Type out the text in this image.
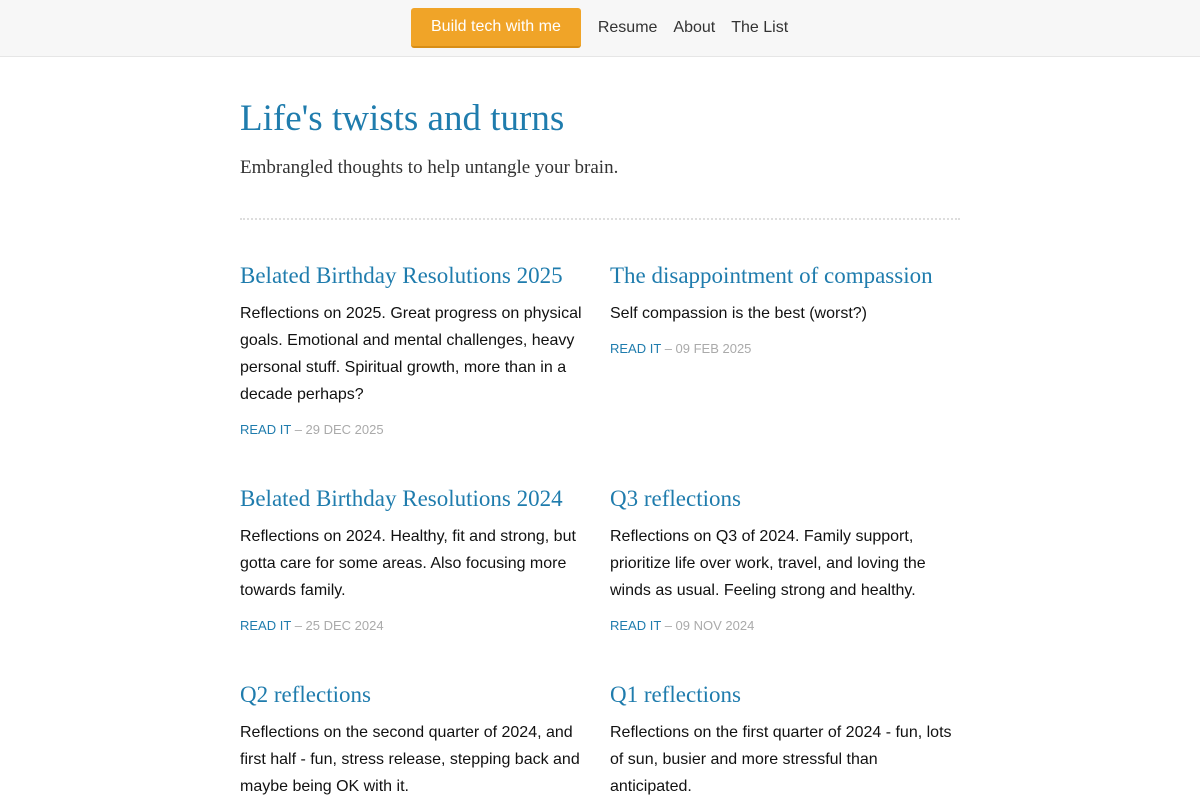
Build tech with me	Resume About The List
Life's twists and turns

Embrangled thoughts to help untangle your brain.

Belated Birthday Resolutions 2025

Reflections on 2025. Great progress on physical goals. Emotional and mental challenges, heavy personal stuff. Spiritual growth, more than in a decade perhaps?

READ IT – 29 DEC 2025

The disappointment of compassion

Self compassion is the best (worst?)

READ IT – 09 FEB 2025

Belated Birthday Resolutions 2024

Reflections on 2024. Healthy, fit and strong, but gotta care for some areas. Also focusing more towards family.

READ IT – 25 DEC 2024

Q3 reflections

Reflections on Q3 of 2024. Family support, prioritize life over work, travel, and loving the winds as usual. Feeling strong and healthy.

READ IT – 09 NOV 2024

Q2 reflections

Reflections on the second quarter of 2024, and first half - fun, stress release, stepping back and maybe being OK with it.

Q1 reflections

Reflections on the first quarter of 2024 - fun, lots of sun, busier and more stressful than anticipated.
